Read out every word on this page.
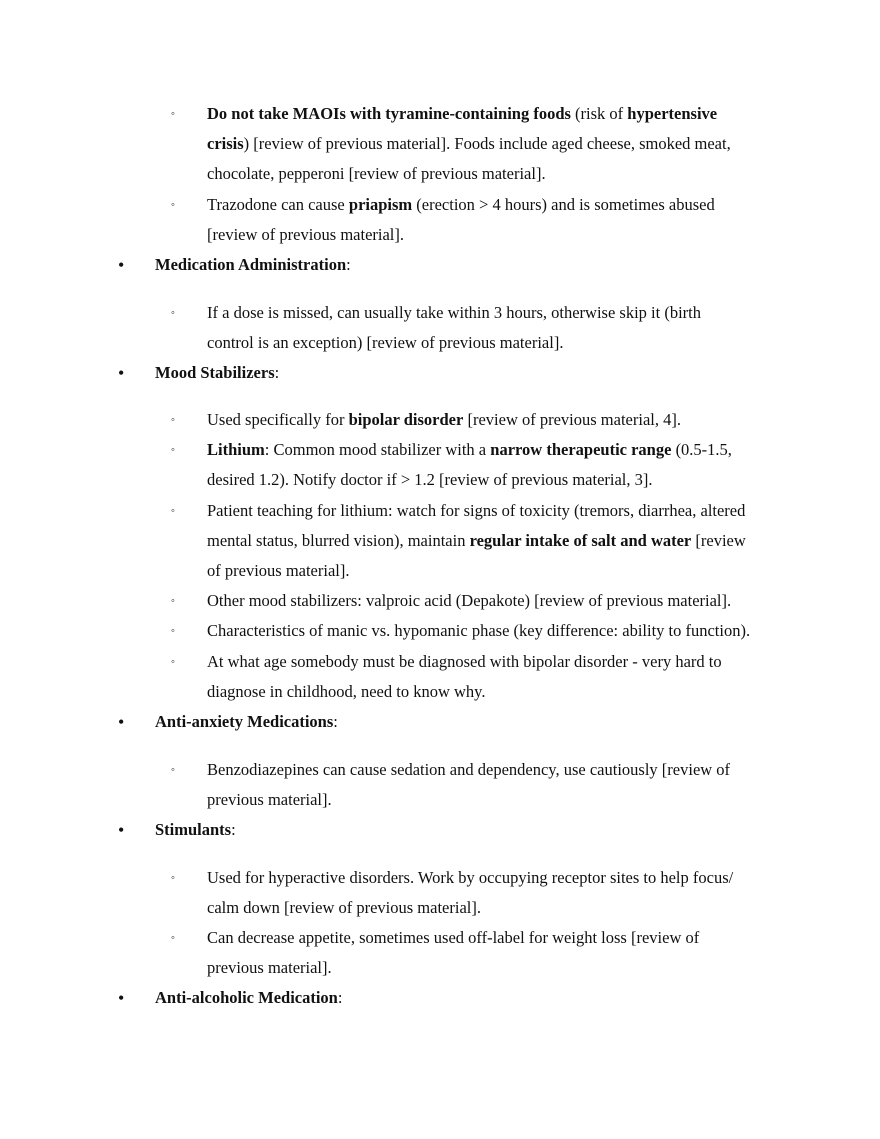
◦ Do not take MAOIs with tyramine-containing foods (risk of hypertensive
crisis) [review of previous material]. Foods include aged cheese, smoked meat,
chocolate, pepperoni [review of previous material].
◦ Trazodone can cause priapism (erection > 4 hours) and is sometimes abused
[review of previous material].
• Medication Administration:
◦ If a dose is missed, can usually take within 3 hours, otherwise skip it (birth
control is an exception) [review of previous material].
• Mood Stabilizers:
◦ Used specifically for bipolar disorder [review of previous material, 4].
◦ Lithium: Common mood stabilizer with a narrow therapeutic range (0.5-1.5,
desired 1.2). Notify doctor if > 1.2 [review of previous material, 3].
◦ Patient teaching for lithium: watch for signs of toxicity (tremors, diarrhea, altered
mental status, blurred vision), maintain regular intake of salt and water [review
of previous material].
◦ Other mood stabilizers: valproic acid (Depakote) [review of previous material].
◦ Characteristics of manic vs. hypomanic phase (key difference: ability to function).
◦ At what age somebody must be diagnosed with bipolar disorder - very hard to
diagnose in childhood, need to know why.
• Anti-anxiety Medications:
◦ Benzodiazepines can cause sedation and dependency, use cautiously [review of
previous material].
• Stimulants:
◦ Used for hyperactive disorders. Work by occupying receptor sites to help focus/
calm down [review of previous material].
◦ Can decrease appetite, sometimes used off-label for weight loss [review of
previous material].
• Anti-alcoholic Medication:
